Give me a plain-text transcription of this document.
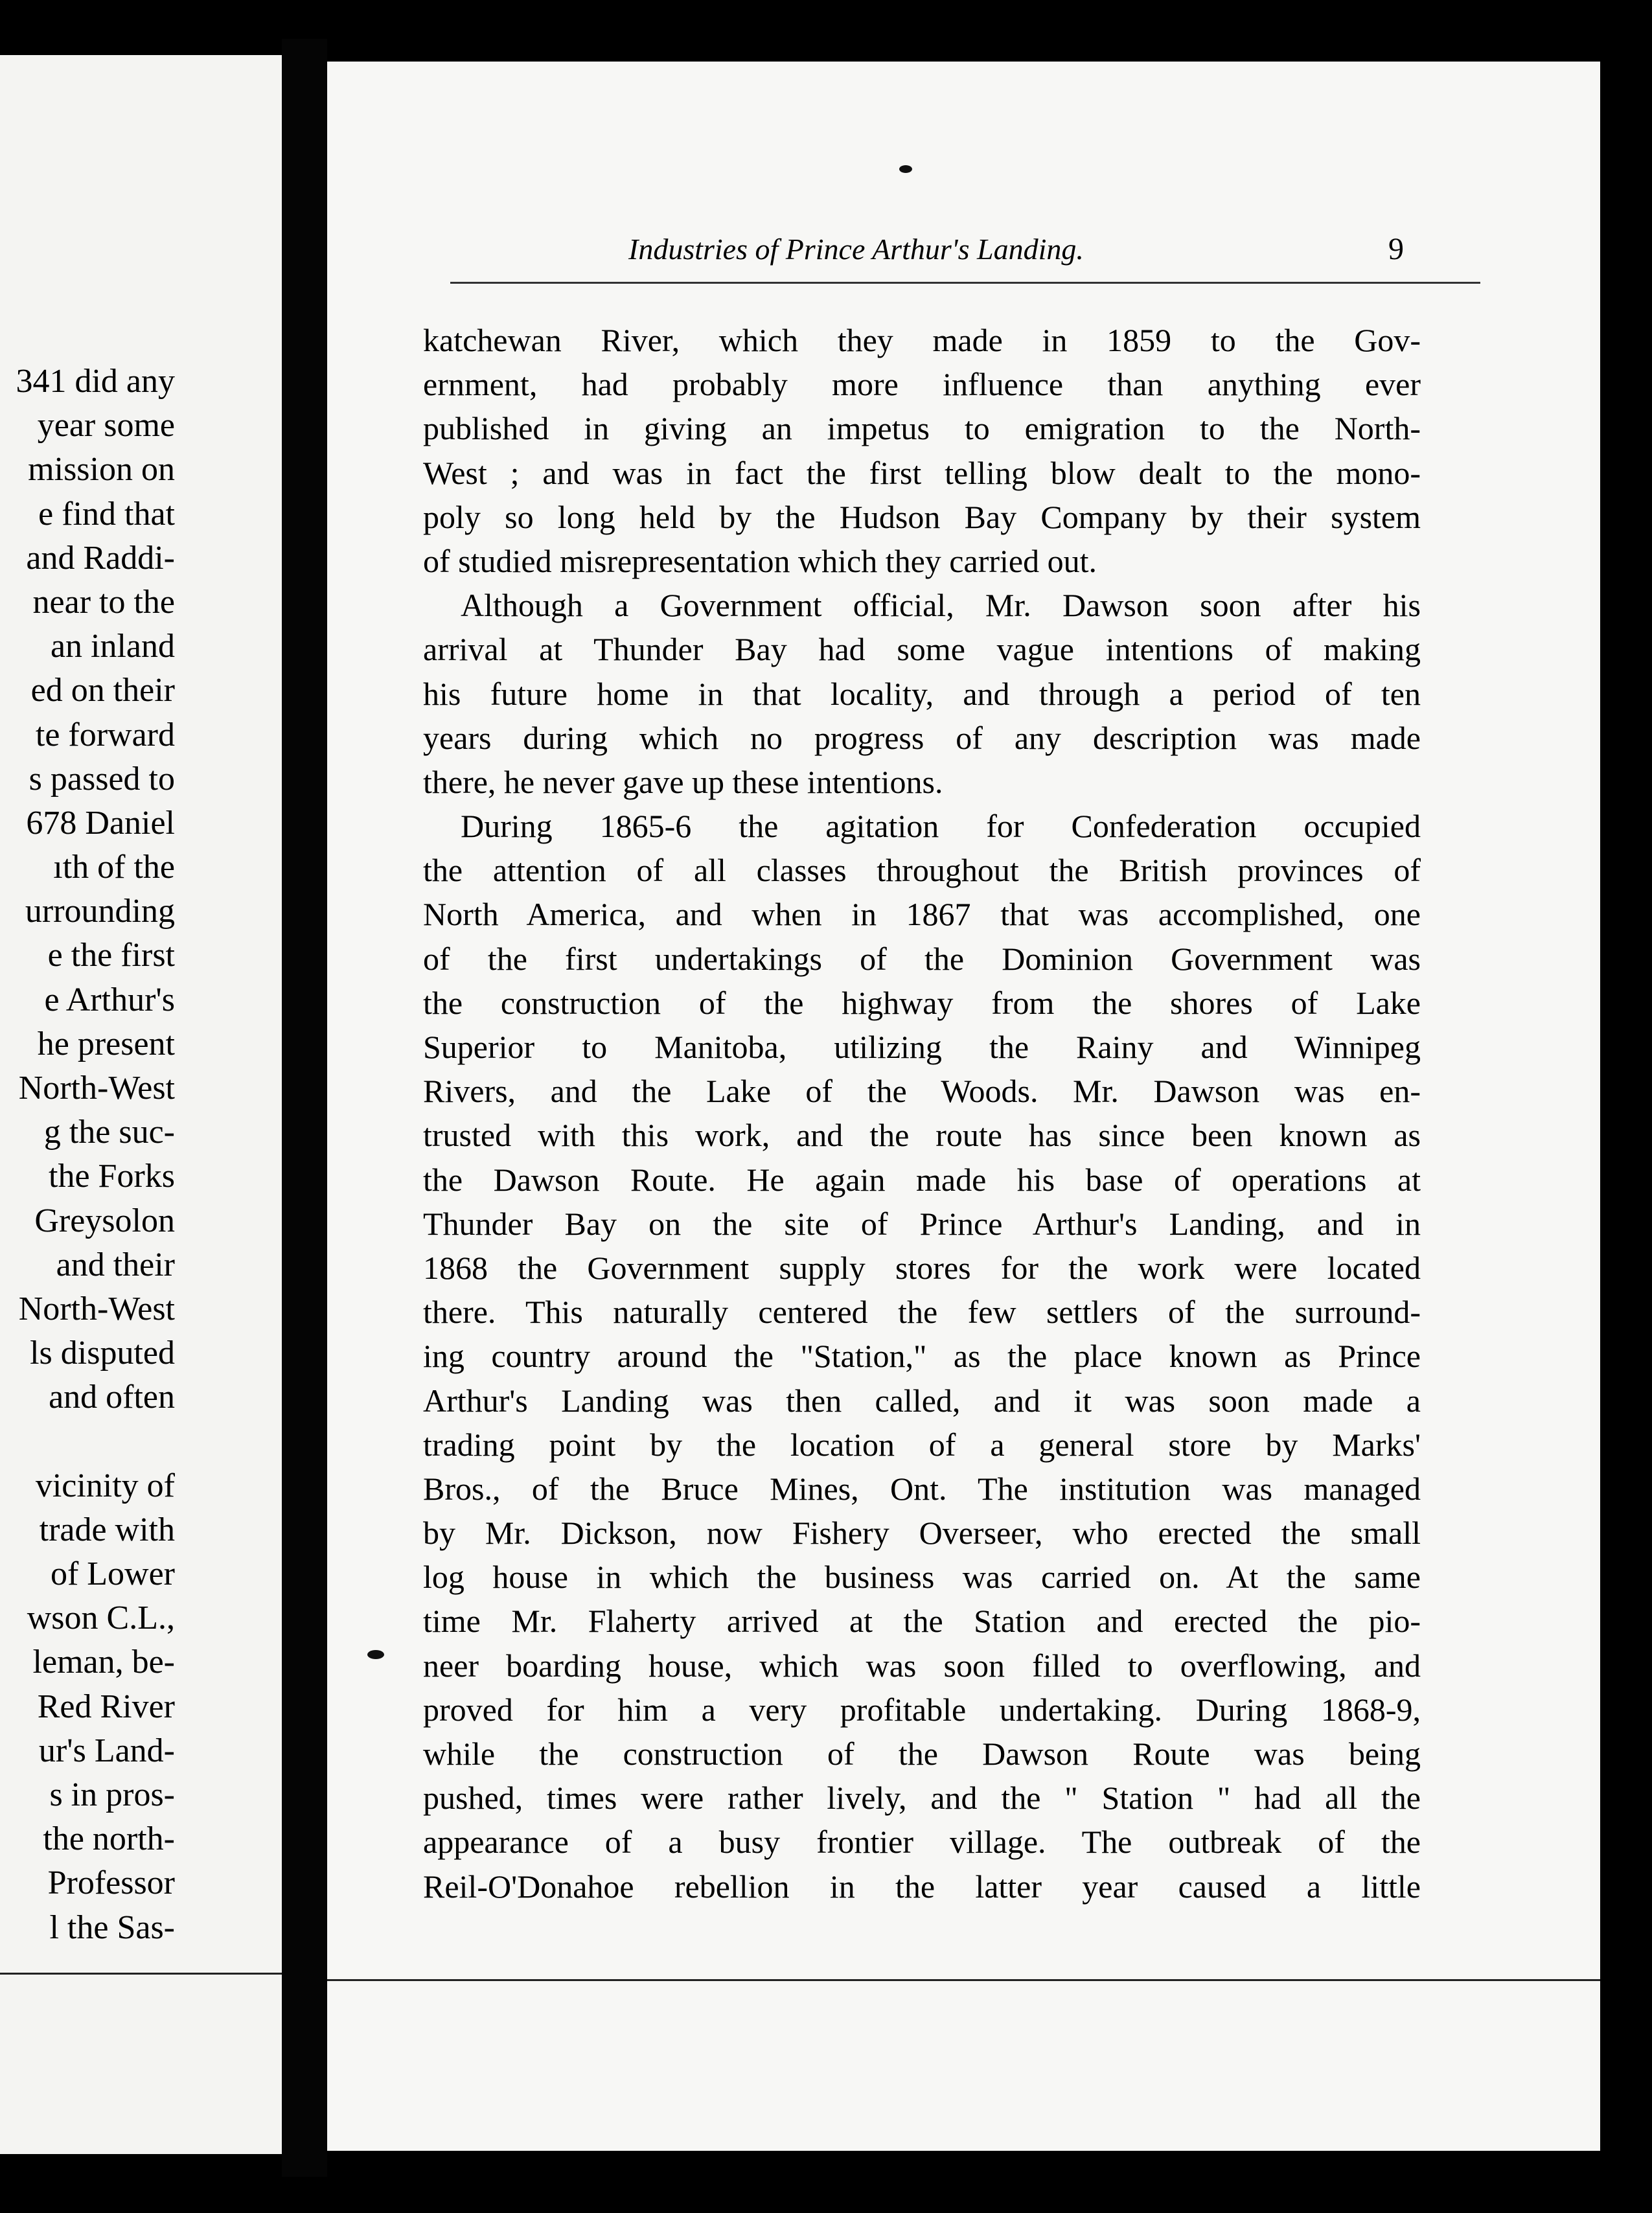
341 did any
year some
mission on
e find that
and Raddi-
near to the
an inland
ed on their
te forward
s passed to
678 Daniel
ıth of the
urrounding
e the first
e Arthur's
he present
North-West
g the suc-
the Forks
Greysolon
and their
North-West
ls disputed
and often
vicinity of
trade with
of Lower
wson C.L.,
leman, be-
Red River
ur's Land-
s in pros-
the north-
Professor
l the Sas-
Industries of Prince Arthur's Landing.	9
katchewan River, which they made in 1859 to the Gov-
ernment, had probably more influence than anything ever
published in giving an impetus to emigration to the North-
West ; and was in fact the first telling blow dealt to the mono-
poly so long held by the Hudson Bay Company by their system
of studied misrepresentation which they carried out.
Although a Government official, Mr. Dawson soon after his
arrival at Thunder Bay had some vague intentions of making
his future home in that locality, and through a period of ten
years during which no progress of any description was made
there, he never gave up these intentions.
During 1865-6 the agitation for Confederation occupied
the attention of all classes throughout the British provinces of
North America, and when in 1867 that was accomplished, one
of the first undertakings of the Dominion Government was
the construction of the highway from the shores of Lake
Superior to Manitoba, utilizing the Rainy and Winnipeg
Rivers, and the Lake of the Woods. Mr. Dawson was en-
trusted with this work, and the route has since been known as
the Dawson Route. He again made his base of operations at
Thunder Bay on the site of Prince Arthur's Landing, and in
1868 the Government supply stores for the work were located
there. This naturally centered the few settlers of the surround-
ing country around the "Station," as the place known as Prince
Arthur's Landing was then called, and it was soon made a
trading point by the location of a general store by Marks'
Bros., of the Bruce Mines, Ont. The institution was managed
by Mr. Dickson, now Fishery Overseer, who erected the small
log house in which the business was carried on. At the same
time Mr. Flaherty arrived at the Station and erected the pio-
neer boarding house, which was soon filled to overflowing, and
proved for him a very profitable undertaking. During 1868-9,
while the construction of the Dawson Route was being
pushed, times were rather lively, and the " Station " had all the
appearance of a busy frontier village. The outbreak of the
Reil-O'Donahoe rebellion in the latter year caused a little
